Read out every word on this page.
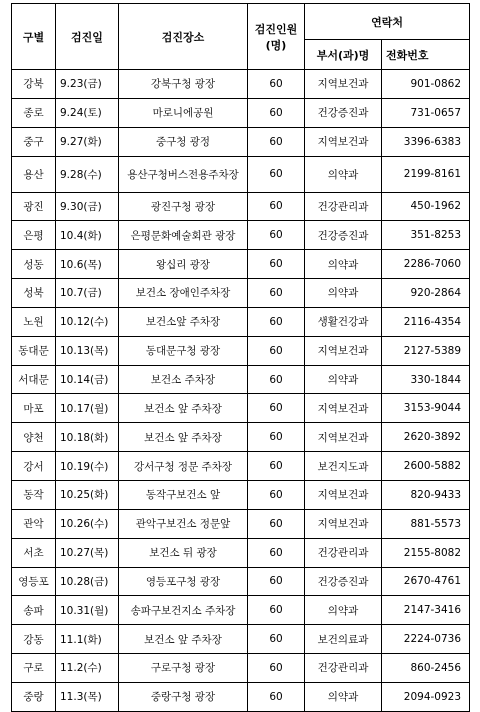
구별	검진일	검진장소	검진인원 (명)	연락처	
				부서(과)명	전화번호
강북	9.23(금)	강북구청 광장	60	지역보건과	901-0862
종로	9.24(토)	마로니에공원	60	건강증진과	731-0657
중구	9.27(화)	중구청 광정	60	지역보건과	3396-6383
용산	9.28(수)	용산구청버스전용주차장	60	의약과	2199-8161
광진	9.30(금)	광진구청 광장	60	건강관리과	450-1962
은평	10.4(화)	은평문화예술회관 광장	60	건강증진과	351-8253
성동	10.6(목)	왕십리 광장	60	의약과	2286-7060
성북	10.7(금)	보건소 장애인주차장	60	의약과	920-2864
노원	10.12(수)	보건소앞 주차장	60	생활건강과	2116-4354
동대문	10.13(목)	동대문구청 광장	60	지역보건과	2127-5389
서대문	10.14(금)	보건소 주차장	60	의약과	330-1844
마포	10.17(월)	보건소 앞 주차장	60	지역보건과	3153-9044
양천	10.18(화)	보건소 앞 주차장	60	지역보건과	2620-3892
강서	10.19(수)	강서구청 정문 주차장	60	보건지도과	2600-5882
동작	10.25(화)	동작구보건소 앞	60	지역보건과	820-9433
관악	10.26(수)	관악구보건소 정문앞	60	지역보건과	881-5573
서초	10.27(목)	보건소 뒤 광장	60	건강관리과	2155-8082
영등포	10.28(금)	영등포구청 광장	60	건강증진과	2670-4761
송파	10.31(월)	송파구보건지소 주차장	60	의약과	2147-3416
강동	11.1(화)	보건소 앞 주차장	60	보건의료과	2224-0736
구로	11.2(수)	구로구청 광장	60	건강관리과	860-2456
중랑	11.3(목)	중랑구청 광장	60	의약과	2094-0923
